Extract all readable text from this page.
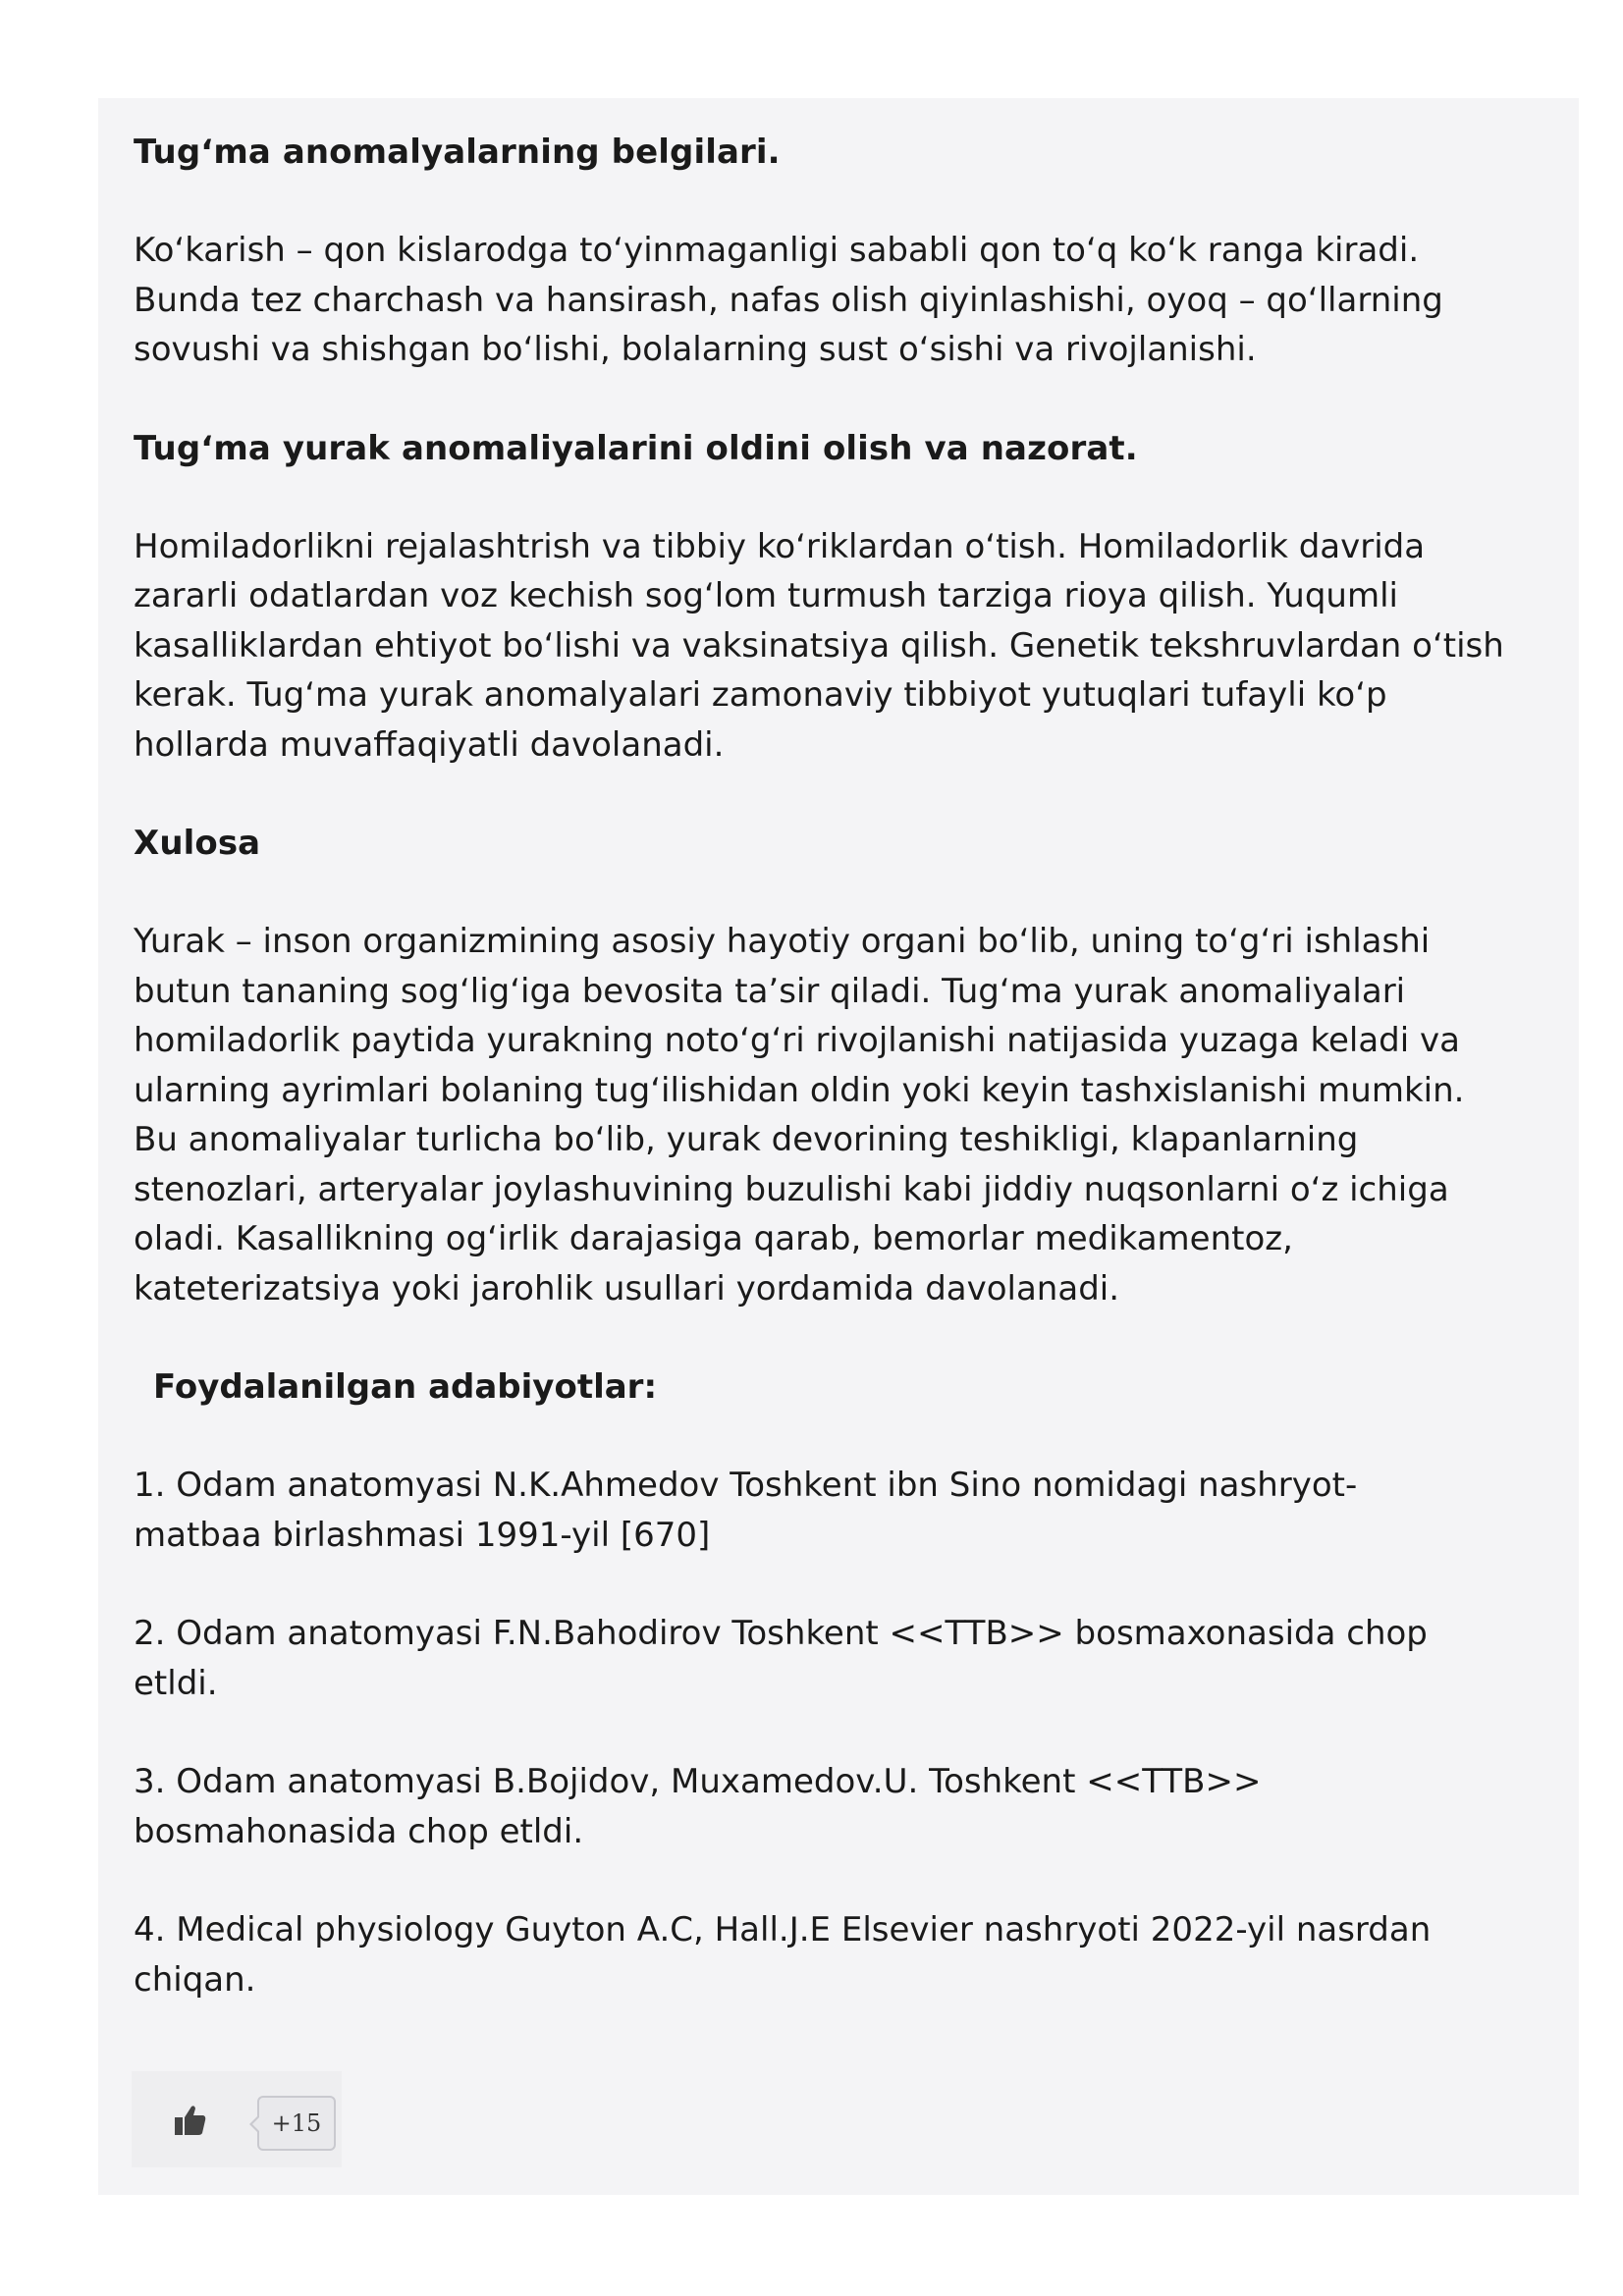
Tugʻma anomalyalarning belgilari.
Koʻkarish – qon kislarodga toʻyinmaganligi sababli qon toʻq koʻk ranga kiradi.
Bunda tez charchash va hansirash, nafas olish qiyinlashishi, oyoq – qoʻllarning
sovushi va shishgan boʻlishi, bolalarning sust oʻsishi va rivojlanishi.
Tugʻma yurak anomaliyalarini oldini olish va nazorat.
Homiladorlikni rejalashtrish va tibbiy koʻriklardan oʻtish. Homiladorlik davrida
zararli odatlardan voz kechish sogʻlom turmush tarziga rioya qilish. Yuqumli
kasalliklardan ehtiyot boʻlishi va vaksinatsiya qilish. Genetik tekshruvlardan oʻtish
kerak. Tugʻma yurak anomalyalari zamonaviy tibbiyot yutuqlari tufayli koʻp
hollarda muvaffaqiyatli davolanadi.
Xulosa
Yurak – inson organizmining asosiy hayotiy organi boʻlib, uning toʻgʻri ishlashi
butun tananing sogʻligʻiga bevosita taʼsir qiladi. Tugʻma yurak anomaliyalari
homiladorlik paytida yurakning notoʻgʻri rivojlanishi natijasida yuzaga keladi va
ularning ayrimlari bolaning tugʻilishidan oldin yoki keyin tashxislanishi mumkin.
Bu anomaliyalar turlicha boʻlib, yurak devorining teshikligi, klapanlarning
stenozlari, arteryalar joylashuvining buzulishi kabi jiddiy nuqsonlarni oʻz ichiga
oladi. Kasallikning ogʻirlik darajasiga qarab, bemorlar medikamentoz,
kateterizatsiya yoki jarohlik usullari yordamida davolanadi.
Foydalanilgan adabiyotlar:
1. Odam anatomyasi N.K.Ahmedov Toshkent ibn Sino nomidagi nashryot-
matbaa birlashmasi 1991-yil [670]
2. Odam anatomyasi F.N.Bahodirov Toshkent <<TTB>> bosmaxonasida chop
etldi.
3. Odam anatomyasi B.Bojidov, Muxamedov.U. Toshkent <<TTB>>
bosmahonasida chop etldi.
4. Medical physiology Guyton A.C, Hall.J.E Elsevier nashryoti 2022-yil nasrdan
chiqan.
+15
